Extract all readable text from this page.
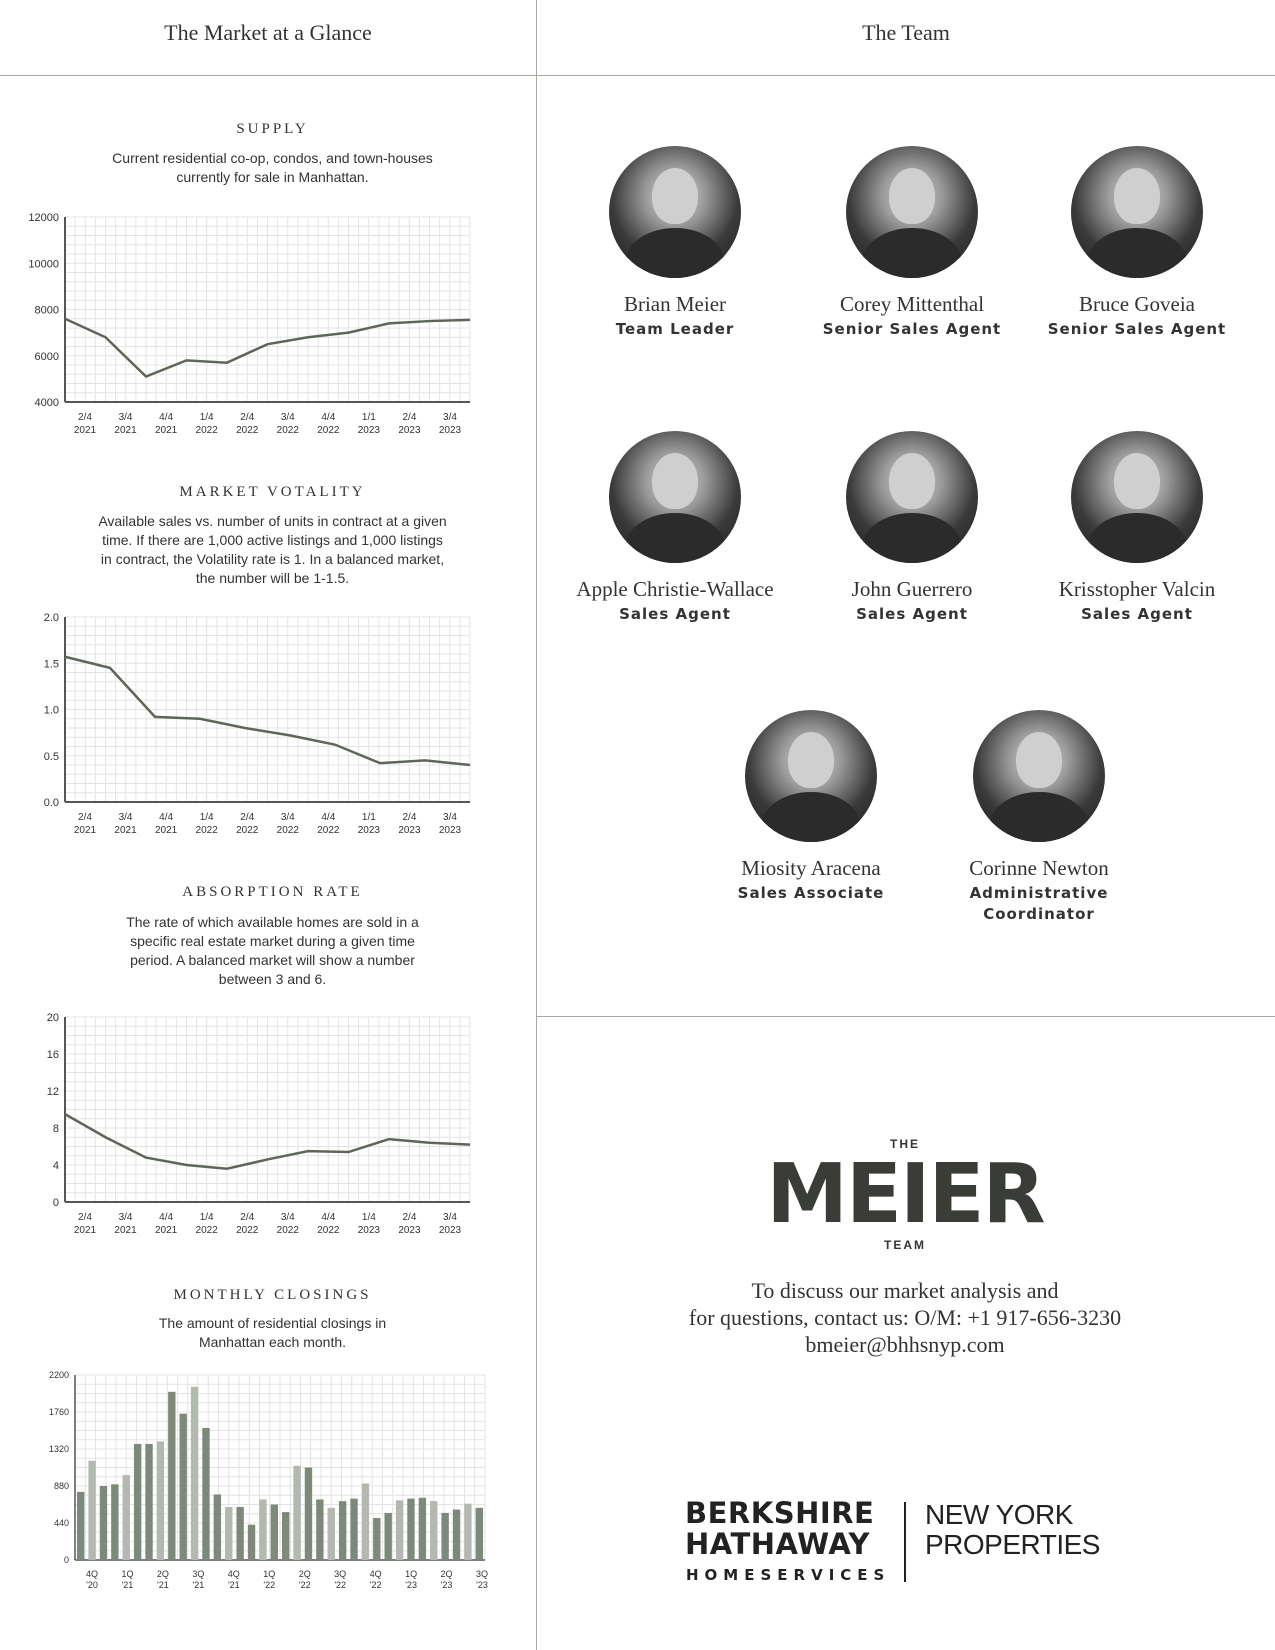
The Market at a Glance	The Team
SUPPLY
Current residential co-op, condos, and town-houses currently for sale in Manhattan.
4000
6000
8000
10000
12000
2/4
2021
3/4
2021
4/4
2021
1/4
2022
2/4
2022
3/4
2022
4/4
2022
1/1
2023
2/4
2023
3/4
2023
MARKET VOTALITY
Available sales vs. number of units in contract at a given time. If there are 1,000 active listings and 1,000 listings in contract, the Volatility rate is 1. In a balanced market, the number will be 1-1.5.
0.0
0.5
1.0
1.5
2.0
2/4
2021
3/4
2021
4/4
2021
1/4
2022
2/4
2022
3/4
2022
4/4
2022
1/1
2023
2/4
2023
3/4
2023
ABSORPTION RATE
The rate of which available homes are sold in a specific real estate market during a given time period. A balanced market will show a number between 3 and 6.
0
4
8
12
16
20
2/4
2021
3/4
2021
4/4
2021
1/4
2022
2/4
2022
3/4
2022
4/4
2022
1/4
2023
2/4
2023
3/4
2023
MONTHLY CLOSINGS
The amount of residential closings in Manhattan each month.
0
440
880
1320
1760
2200
4Q
'20
1Q
'21
2Q
'21
3Q
'21
4Q
'21
1Q
'22
2Q
'22
3Q
'22
4Q
'22
1Q
'23
2Q
'23
3Q
'23
Brian Meier
Team Leader
Corey Mittenthal
Senior Sales Agent
Bruce Goveia
Senior Sales Agent
Apple Christie-Wallace
Sales Agent
John Guerrero
Sales Agent
Krisstopher Valcin
Sales Agent
Miosity Aracena
Sales Associate
Corinne Newton
Administrative Coordinator
THE
MEIER
TEAM
To discuss our market analysis and
for questions, contact us: O/M: +1 917-656-3230
bmeier@bhhsnyp.com
BERKSHIRE
HATHAWAY
HOMESERVICES
NEW YORK
PROPERTIES
